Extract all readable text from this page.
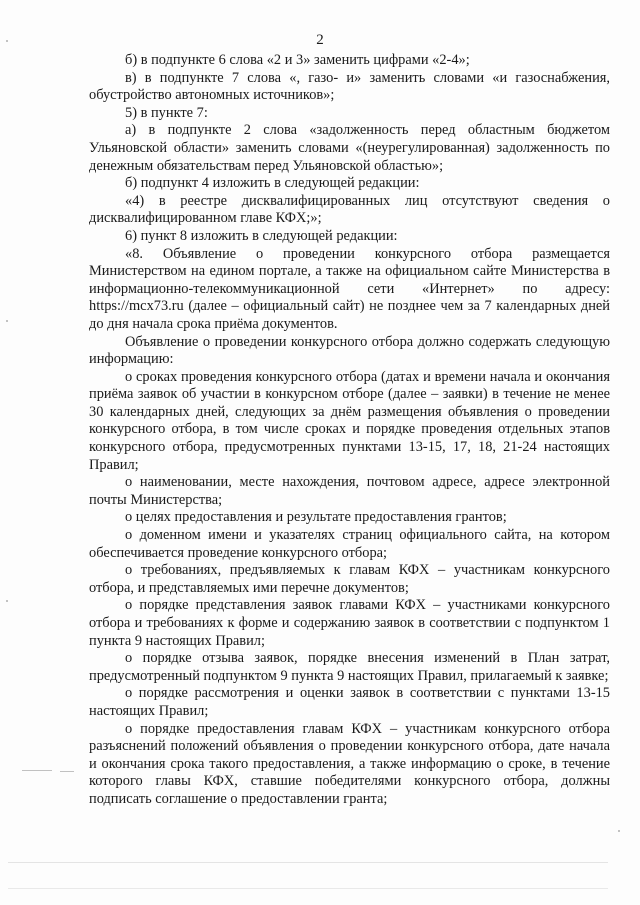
2

б) в подпункте 6 слова «2 и 3» заменить цифрами «2-4»;

в) в подпункте 7 слова «, газо- и» заменить словами «и газоснабжения, обустройство автономных источников»;

5) в пункте 7:

а) в подпункте 2 слова «задолженность перед областным бюджетом Ульяновской области» заменить словами «(неурегулированная) задолженность по денежным обязательствам перед Ульяновской областью»;

б) подпункт 4 изложить в следующей редакции:

«4) в реестре дисквалифицированных лиц отсутствуют сведения о дисквалифицированном главе КФХ;»;

6) пункт 8 изложить в следующей редакции:

«8. Объявление о проведении конкурсного отбора размещается Министерством на едином портале, а также на официальном сайте Министерства в информационно-телекоммуникационной сети «Интернет» по адресу: https://mcx73.ru (далее – официальный сайт) не позднее чем за 7 календарных дней до дня начала срока приёма документов.

Объявление о проведении конкурсного отбора должно содержать следующую информацию:

о сроках проведения конкурсного отбора (датах и времени начала и окончания приёма заявок об участии в конкурсном отборе (далее – заявки) в течение не менее 30 календарных дней, следующих за днём размещения объявления о проведении конкурсного отбора, в том числе сроках и порядке проведения отдельных этапов конкурсного отбора, предусмотренных пунктами 13-15, 17, 18, 21-24 настоящих Правил;

о наименовании, месте нахождения, почтовом адресе, адресе электронной почты Министерства;

о целях предоставления и результате предоставления грантов;

о доменном имени и указателях страниц официального сайта, на котором обеспечивается проведение конкурсного отбора;

о требованиях, предъявляемых к главам КФХ – участникам конкурсного отбора, и представляемых ими перечне документов;

о порядке представления заявок главами КФХ – участниками конкурсного отбора и требованиях к форме и содержанию заявок в соответствии с подпунктом 1 пункта 9 настоящих Правил;

о порядке отзыва заявок, порядке внесения изменений в План затрат, предусмотренный подпунктом 9 пункта 9 настоящих Правил, прилагаемый к заявке;

о порядке рассмотрения и оценки заявок в соответствии с пунктами 13-15 настоящих Правил;

о порядке предоставления главам КФХ – участникам конкурсного отбора разъяснений положений объявления о проведении конкурсного отбора, дате начала и окончания срока такого предоставления, а также информацию о сроке, в течение которого главы КФХ, ставшие победителями конкурсного отбора, должны подписать соглашение о предоставлении гранта;
